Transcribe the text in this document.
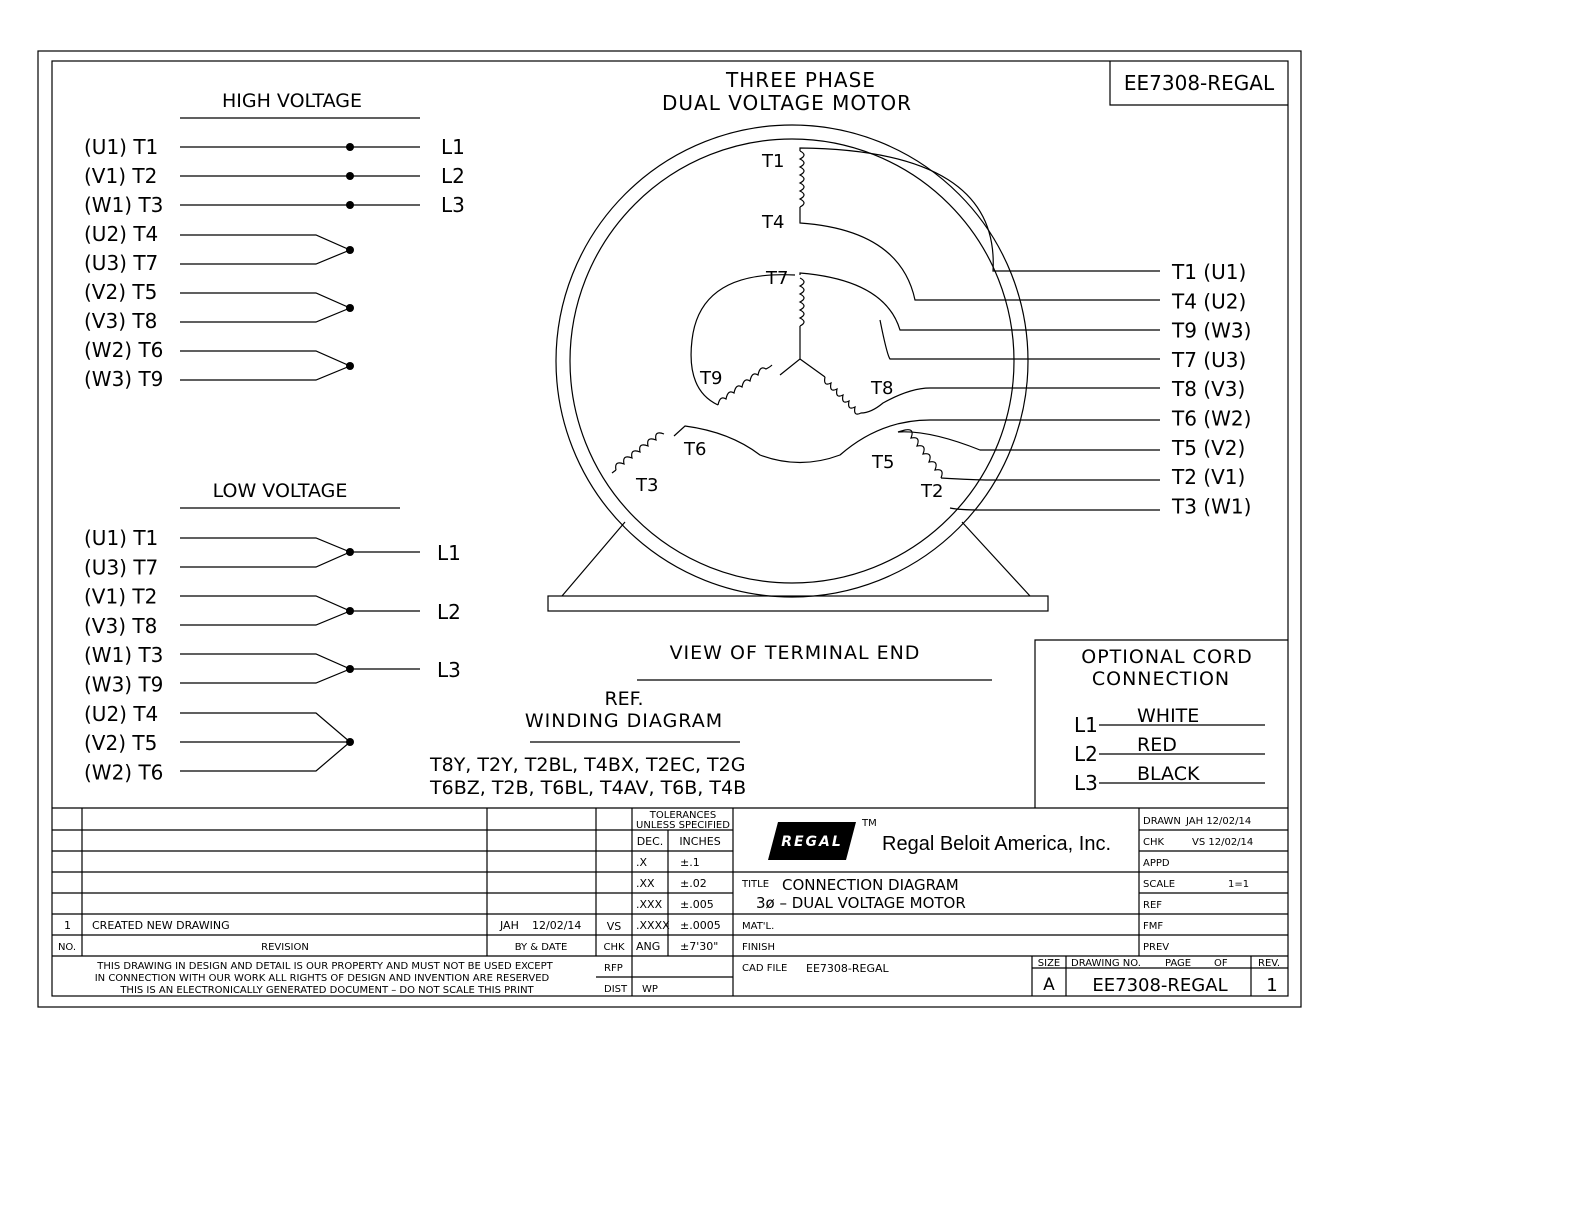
EE7308-REGAL
THREE PHASE
DUAL VOLTAGE MOTOR
HIGH VOLTAGE
(U1) T1
(V1) T2
(W1) T3
(U2) T4
(U3) T7
(V2) T5
(V3) T8
(W2) T6
(W3) T9
L1
L2
L3
LOW VOLTAGE
(U1) T1
(U3) T7
(V1) T2
(V3) T8
(W1) T3
(W3) T9
(U2) T4
(V2) T5
(W2) T6
L1
L2
L3
T1
T4
T7
T9	T8
T6
T5
T3	T2
T1 (U1)
T4 (U2)
T9 (W3)
T7 (U3)
T8 (V3)
T6 (W2)
T5 (V2)
T2 (V1)
T3 (W1)
VIEW OF TERMINAL END
REF.
WINDING DIAGRAM
T8Y, T2Y, T2BL, T4BX, T2EC, T2G
T6BZ, T2B, T6BL, T4AV, T6B, T4B
OPTIONAL CORD
CONNECTION
L1 WHITE
L2 RED
L3 BLACK
TOLERANCES
UNLESS SPECIFIED
DEC. INCHES
.X	±.1
.XX ±.02
.XXX ±.005
.XXXX ±.0005
ANG ±7'30"
REGAL
TM
Regal Beloit America, Inc.
1 CREATED NEW DRAWING	JAH 12/02/14 VS
NO.	REVISION	BY & DATE	CHK
TITLE CONNECTION DIAGRAM
3ø – DUAL VOLTAGE MOTOR
MAT'L.
FINISH
RFP
DIST WP
CAD FILE EE7308-REGAL
DRAWN JAH 12/02/14
CHK	VS 12/02/14
APPD
SCALE	1=1
REF
FMF
PREV
SIZE
A
DRAWING NO. PAGE OF
EE7308-REGAL
REV.
1
THIS DRAWING IN DESIGN AND DETAIL IS OUR PROPERTY AND MUST NOT BE USED EXCEPT
IN CONNECTION WITH OUR WORK ALL RIGHTS OF DESIGN AND INVENTION ARE RESERVED
THIS IS AN ELECTRONICALLY GENERATED DOCUMENT – DO NOT SCALE THIS PRINT
